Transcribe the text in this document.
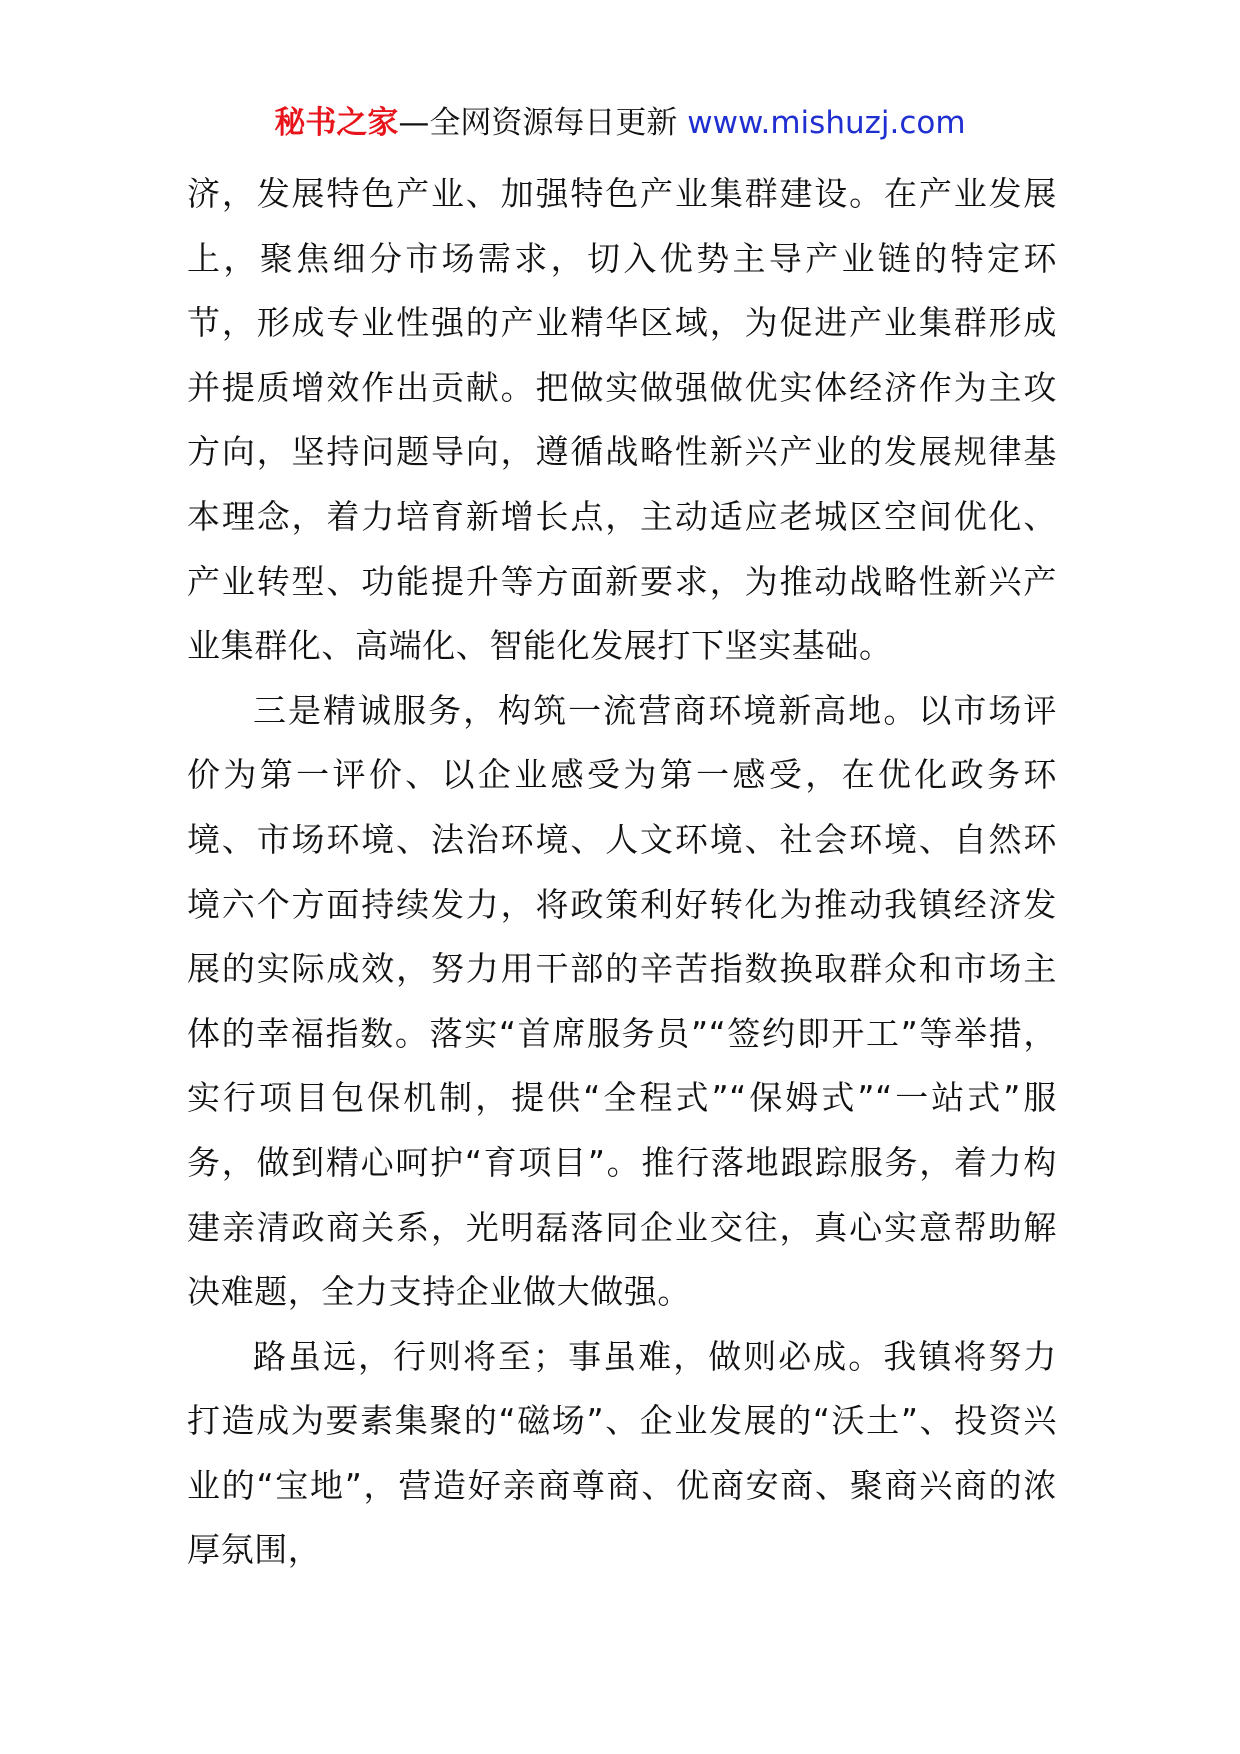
秘书之家—全网资源每日更新 www.mishuzj.com

济，发展特色产业、加强特色产业集群建设。在产业发展上，聚焦细分市场需求，切入优势主导产业链的特定环节，形成专业性强的产业精华区域，为促进产业集群形成并提质增效作出贡献。把做实做强做优实体经济作为主攻方向，坚持问题导向，遵循战略性新兴产业的发展规律基本理念，着力培育新增长点，主动适应老城区空间优化、产业转型、功能提升等方面新要求，为推动战略性新兴产业集群化、高端化、智能化发展打下坚实基础。

三是精诚服务，构筑一流营商环境新高地。以市场评价为第一评价、以企业感受为第一感受，在优化政务环境、市场环境、法治环境、人文环境、社会环境、自然环境六个方面持续发力，将政策利好转化为推动我镇经济发展的实际成效，努力用干部的辛苦指数换取群众和市场主体的幸福指数。落实“首席服务员”“签约即开工”等举措，实行项目包保机制，提供“全程式”“保姆式”“一站式”服务，做到精心呵护“育项目”。推行落地跟踪服务，着力构建亲清政商关系，光明磊落同企业交往，真心实意帮助解决难题，全力支持企业做大做强。

路虽远，行则将至；事虽难，做则必成。我镇将努力打造成为要素集聚的“磁场”、企业发展的“沃土”、投资兴业的“宝地”，营造好亲商尊商、优商安商、聚商兴商的浓厚氛围，
